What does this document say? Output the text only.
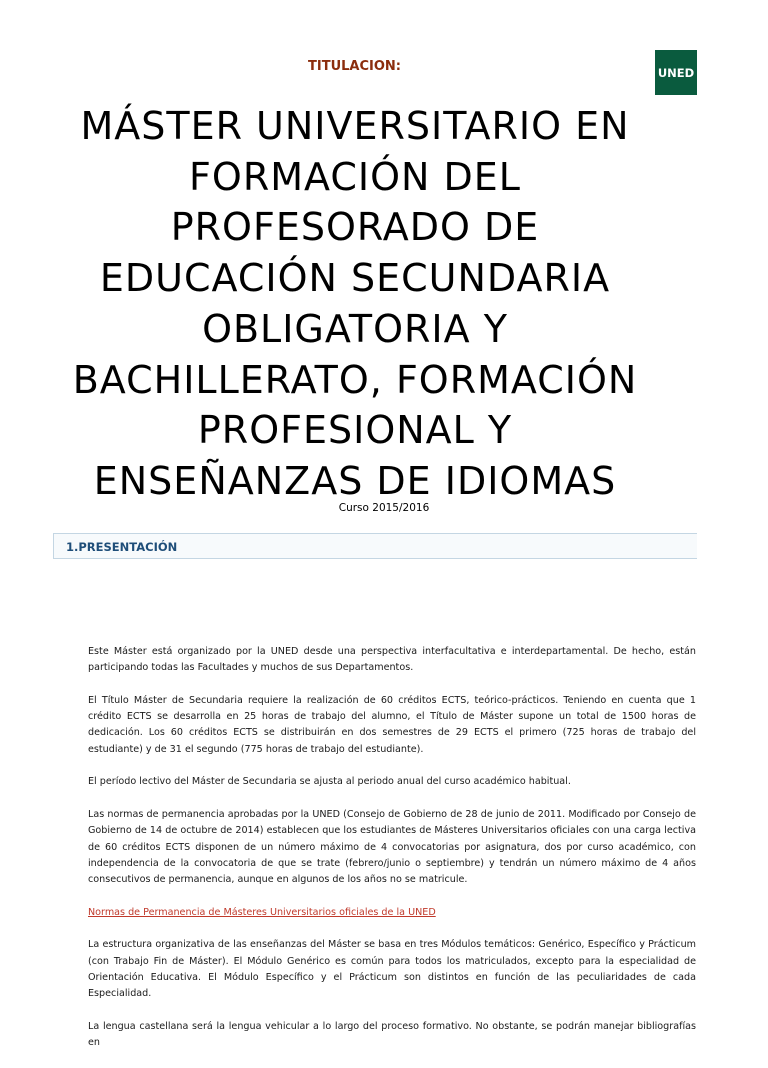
TITULACION:	UNED
MÁSTER UNIVERSITARIO EN
FORMACIÓN DEL
PROFESORADO DE
EDUCACIÓN SECUNDARIA
OBLIGATORIA Y
BACHILLERATO, FORMACIÓN
PROFESIONAL Y
ENSEÑANZAS DE IDIOMAS
Curso 2015/2016
1.PRESENTACIÓN

Este Máster está organizado por la UNED desde una perspectiva interfacultativa e interdepartamental. De hecho, están participando todas las Facultades y muchos de sus Departamentos.

El Título Máster de Secundaria requiere la realización de 60 créditos ECTS, teórico-prácticos. Teniendo en cuenta que 1 crédito ECTS se desarrolla en 25 horas de trabajo del alumno, el Título de Máster supone un total de 1500 horas de dedicación. Los 60 créditos ECTS se distribuirán en dos semestres de 29 ECTS el primero (725 horas de trabajo del estudiante) y de 31 el segundo (775 horas de trabajo del estudiante).

El período lectivo del Máster de Secundaria se ajusta al periodo anual del curso académico habitual.

Las normas de permanencia aprobadas por la UNED (Consejo de Gobierno de 28 de junio de 2011. Modificado por Consejo de Gobierno de 14 de octubre de 2014) establecen que los estudiantes de Másteres Universitarios oficiales con una carga lectiva de 60 créditos ECTS disponen de un número máximo de 4 convocatorias por asignatura, dos por curso académico, con independencia de la convocatoria de que se trate (febrero/junio o septiembre) y tendrán un número máximo de 4 años consecutivos de permanencia, aunque en algunos de los años no se matricule.

Normas de Permanencia de Másteres Universitarios oficiales de la UNED

La estructura organizativa de las enseñanzas del Máster se basa en tres Módulos temáticos: Genérico, Específico y Prácticum (con Trabajo Fin de Máster). El Módulo Genérico es común para todos los matriculados, excepto para la especialidad de Orientación Educativa. El Módulo Específico y el Prácticum son distintos en función de las peculiaridades de cada Especialidad.

La lengua castellana será la lengua vehicular a lo largo del proceso formativo. No obstante, se podrán manejar bibliografías en
